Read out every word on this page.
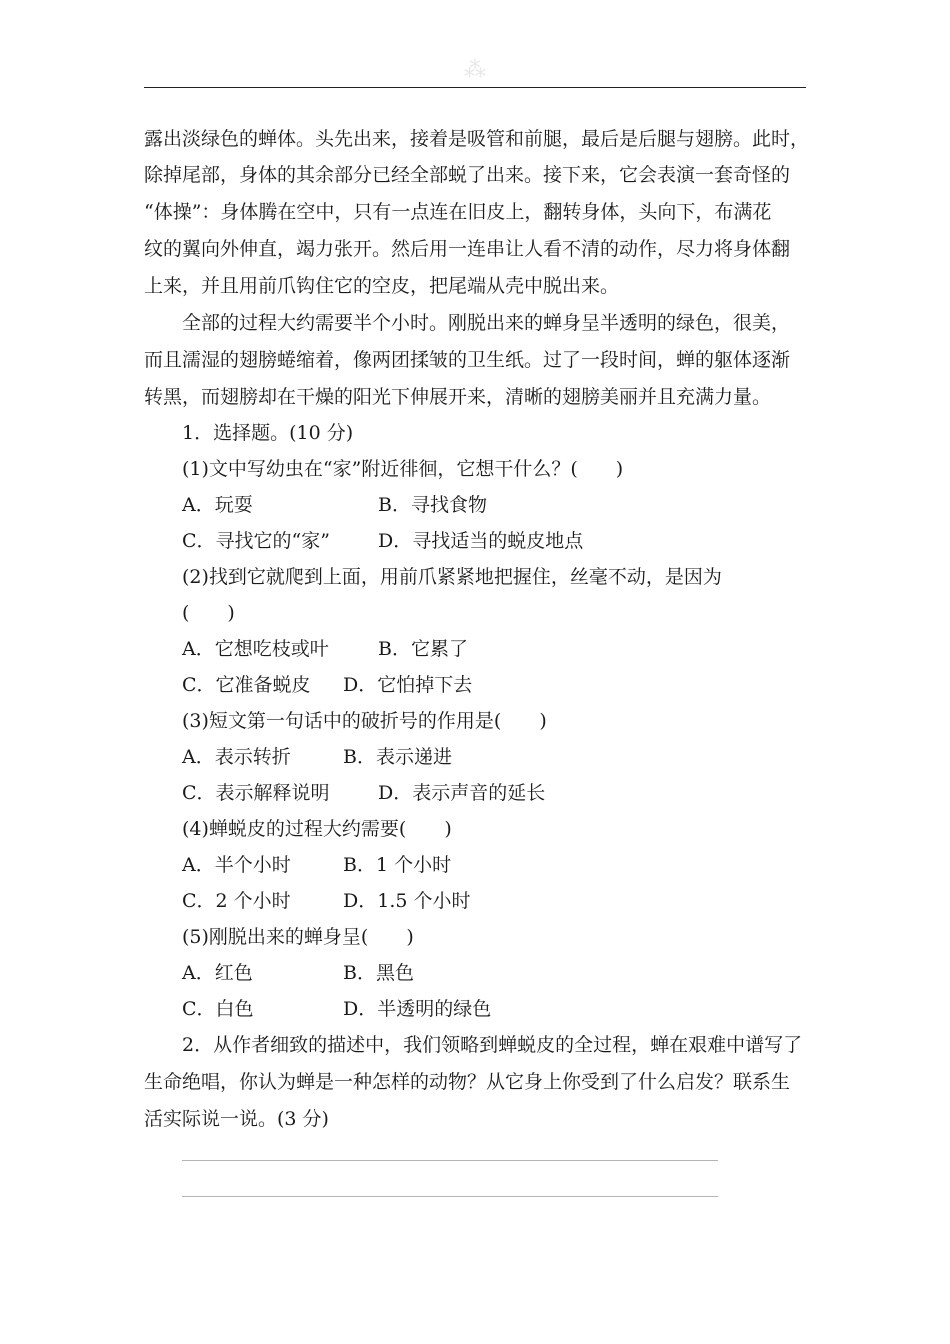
⁂
露出淡绿色的蝉体。头先出来，接着是吸管和前腿，最后是后腿与翅膀。此时，
除掉尾部，身体的其余部分已经全部蜕了出来。接下来，它会表演一套奇怪的
“体操”：身体腾在空中，只有一点连在旧皮上，翻转身体，头向下，布满花
纹的翼向外伸直，竭力张开。然后用一连串让人看不清的动作，尽力将身体翻
上来，并且用前爪钩住它的空皮，把尾端从壳中脱出来。
全部的过程大约需要半个小时。刚脱出来的蝉身呈半透明的绿色，很美，
而且濡湿的翅膀蜷缩着，像两团揉皱的卫生纸。过了一段时间，蝉的躯体逐渐
转黑，而翅膀却在干燥的阳光下伸展开来，清晰的翅膀美丽并且充满力量。
1．选择题。(10 分)
(1)文中写幼虫在“家”附近徘徊，它想干什么？(　　)
A．玩耍	B．寻找食物
C．寻找它的“家”	D．寻找适当的蜕皮地点
(2)找到它就爬到上面，用前爪紧紧地把握住，丝毫不动，是因为
(　　)
A．它想吃枝或叶	B．它累了
C．它准备蜕皮 D．它怕掉下去
(3)短文第一句话中的破折号的作用是(　　)
A．表示转折	B．表示递进
C．表示解释说明	D．表示声音的延长
(4)蝉蜕皮的过程大约需要(　　)
A．半个小时	B．1 个小时
C．2 个小时	D．1.5 个小时
(5)刚脱出来的蝉身呈(　　)
A．红色	B．黑色
C．白色	D．半透明的绿色
2．从作者细致的描述中，我们领略到蝉蜕皮的全过程，蝉在艰难中谱写了
生命绝唱，你认为蝉是一种怎样的动物？从它身上你受到了什么启发？联系生
活实际说一说。(3 分)
